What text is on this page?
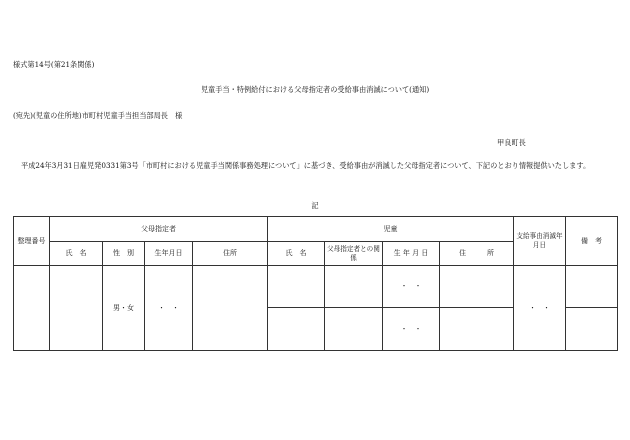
様式第14号(第21条関係)
児童手当・特例給付における父母指定者の受給事由消滅について(通知)
(宛先)(児童の住所地)市町村児童手当担当部局長　様
甲良町長
平成24年3月31日雇児発0331第3号「市町村における児童手当関係事務処理について」に基づき、受給事由が消滅した父母指定者について、下記のとおり情報提供いたします。
記
整理番号	父母指定者				児童				支給事由消滅年月日	備　考

	氏　名	性　別	生年月日	住所	氏　名	父母指定者との関係	生 年 月 日	住　　　所		
		男・女	・　・				・　・		・　・	
							・　・			
